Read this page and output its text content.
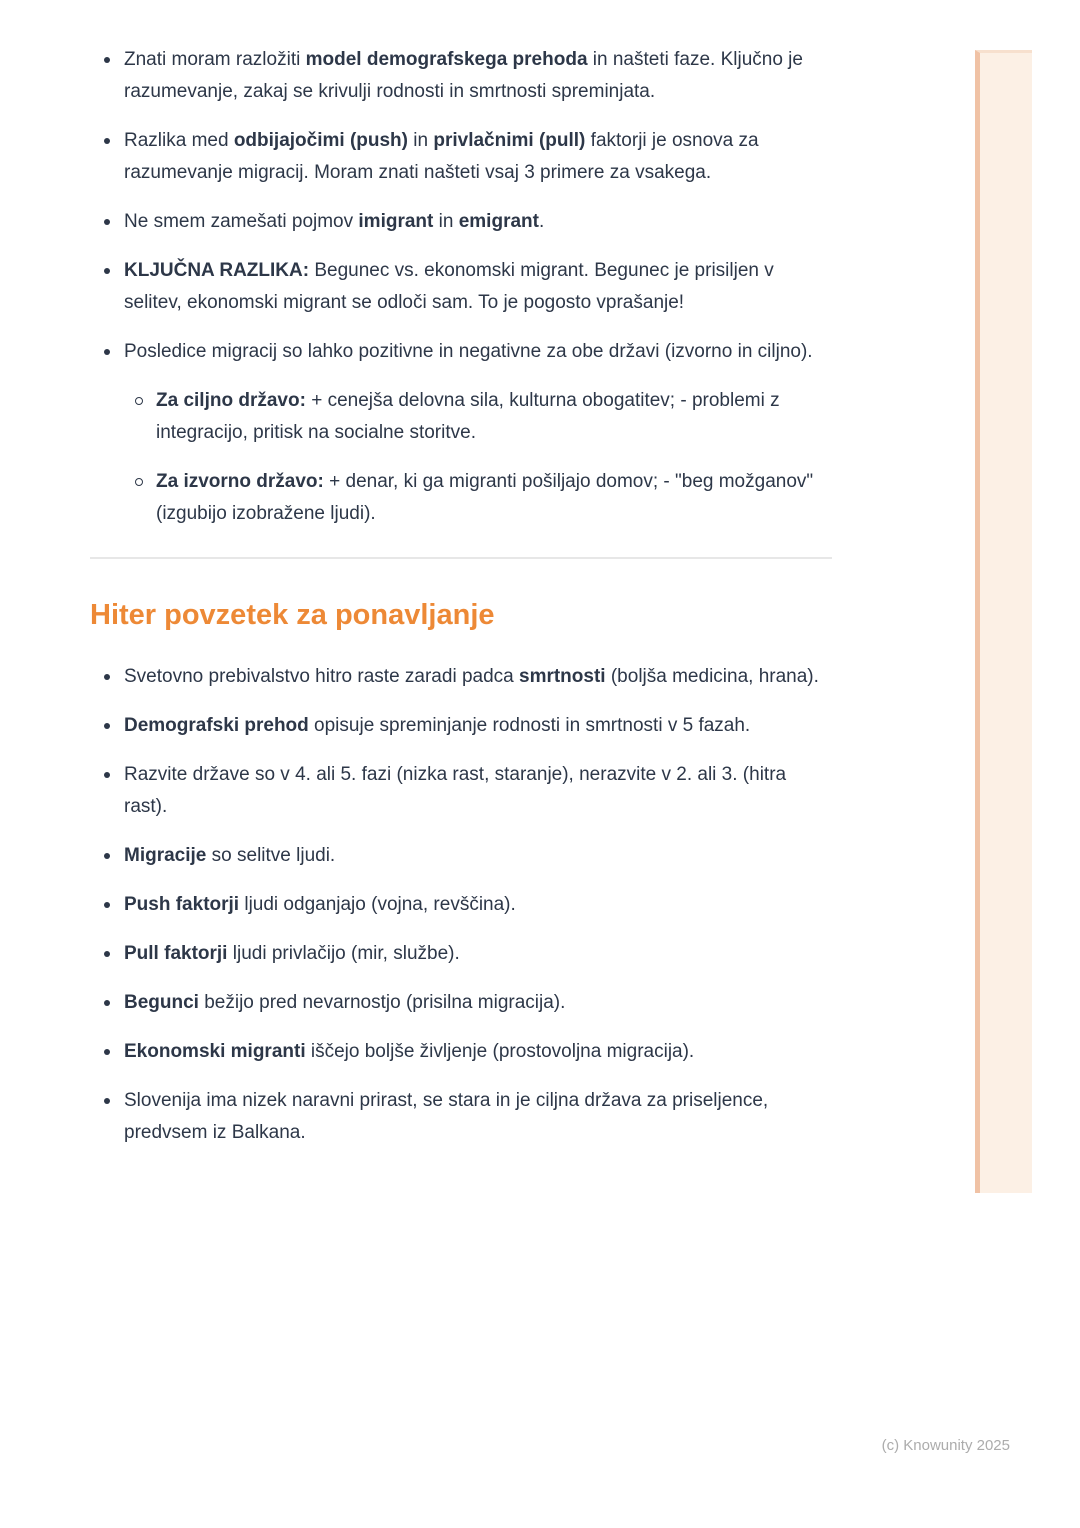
Znati moram razložiti model demografskega prehoda in našteti faze. Ključno je razumevanje, zakaj se krivulji rodnosti in smrtnosti spreminjata.
Razlika med odbijajočimi (push) in privlačnimi (pull) faktorji je osnova za razumevanje migracij. Moram znati našteti vsaj 3 primere za vsakega.
Ne smem zamešati pojmov imigrant in emigrant.
KLJUČNA RAZLIKA: Begunec vs. ekonomski migrant. Begunec je prisiljen v selitev, ekonomski migrant se odloči sam. To je pogosto vprašanje!
Posledice migracij so lahko pozitivne in negativne za obe državi (izvorno in ciljno).
Za ciljno državo: + cenejša delovna sila, kulturna obogatitev; - problemi z integracijo, pritisk na socialne storitve.
Za izvorno državo: + denar, ki ga migranti pošiljajo domov; - "beg možganov" (izgubijo izobražene ljudi).
Hiter povzetek za ponavljanje
Svetovno prebivalstvo hitro raste zaradi padca smrtnosti (boljša medicina, hrana).
Demografski prehod opisuje spreminjanje rodnosti in smrtnosti v 5 fazah.
Razvite države so v 4. ali 5. fazi (nizka rast, staranje), nerazvite v 2. ali 3. (hitra rast).
Migracije so selitve ljudi.
Push faktorji ljudi odganjajo (vojna, revščina).
Pull faktorji ljudi privlačijo (mir, službe).
Begunci bežijo pred nevarnostjo (prisilna migracija).
Ekonomski migranti iščejo boljše življenje (prostovoljna migracija).
Slovenija ima nizek naravni prirast, se stara in je ciljna država za priseljence, predvsem iz Balkana.
(c) Knowunity 2025
